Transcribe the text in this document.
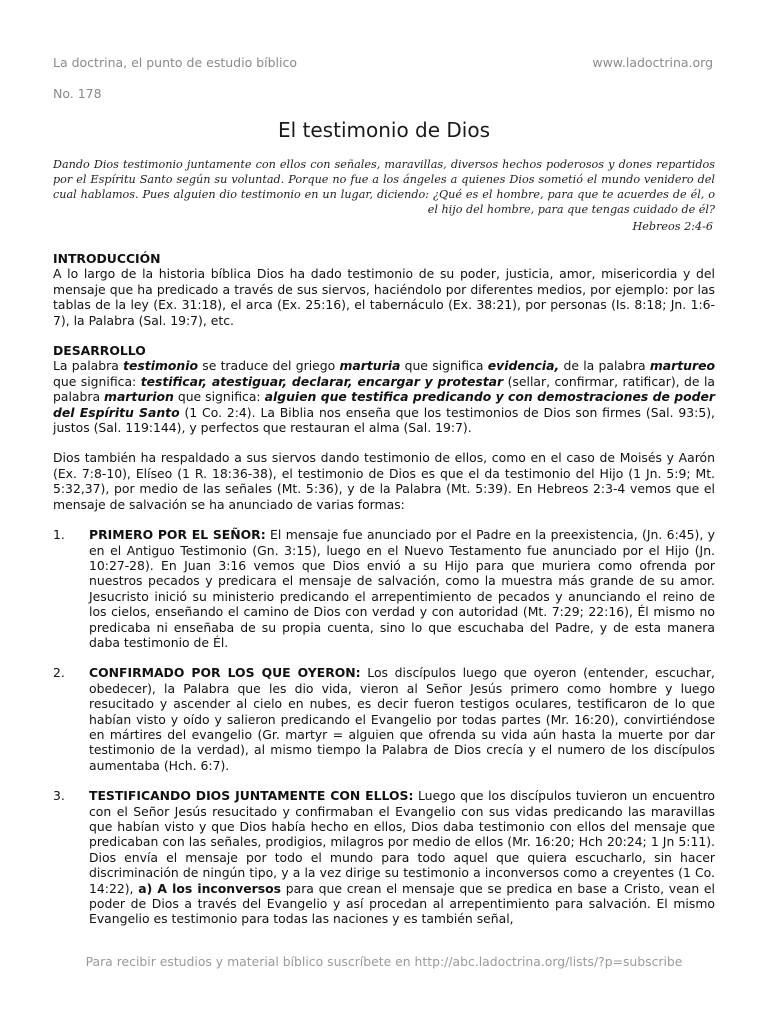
La doctrina, el punto de estudio bíblico	www.ladoctrina.org
No. 178
El testimonio de Dios
Dando Dios testimonio juntamente con ellos con señales, maravillas, diversos hechos poderosos y dones repartidos por el Espíritu Santo según su voluntad. Porque no fue a los ángeles a quienes Dios sometió el mundo venidero del cual hablamos. Pues alguien dio testimonio en un lugar, diciendo: ¿Qué es el hombre, para que te acuerdes de él, o el hijo del hombre, para que tengas cuidado de él?
Hebreos 2:4-6
INTRODUCCIÓN

A lo largo de la historia bíblica Dios ha dado testimonio de su poder, justicia, amor, misericordia y del mensaje que ha predicado a través de sus siervos, haciéndolo por diferentes medios, por ejemplo: por las tablas de la ley (Ex. 31:18), el arca (Ex. 25:16), el tabernáculo (Ex. 38:21), por personas (Is. 8:18; Jn. 1:6-7), la Palabra (Sal. 19:7), etc.

DESARROLLO

La palabra testimonio se traduce del griego marturia que significa evidencia, de la palabra martureo que significa: testificar, atestiguar, declarar, encargar y protestar (sellar, confirmar, ratificar), de la palabra marturion que significa: alguien que testifica predicando y con demostraciones de poder del Espíritu Santo (1 Co. 2:4). La Biblia nos enseña que los testimonios de Dios son firmes (Sal. 93:5), justos (Sal. 119:144), y perfectos que restauran el alma (Sal. 19:7).

Dios también ha respaldado a sus siervos dando testimonio de ellos, como en el caso de Moisés y Aarón (Ex. 7:8-10), Elíseo (1 R. 18:36-38), el testimonio de Dios es que el da testimonio del Hijo (1 Jn. 5:9; Mt. 5:32,37), por medio de las señales (Mt. 5:36), y de la Palabra (Mt. 5:39). En Hebreos 2:3-4 vemos que el mensaje de salvación se ha anunciado de varias formas:

1. PRIMERO POR EL SEÑOR: El mensaje fue anunciado por el Padre en la preexistencia, (Jn. 6:45), y en el Antiguo Testimonio (Gn. 3:15), luego en el Nuevo Testamento fue anunciado por el Hijo (Jn. 10:27-28). En Juan 3:16 vemos que Dios envió a su Hijo para que muriera como ofrenda por nuestros pecados y predicara el mensaje de salvación, como la muestra más grande de su amor. Jesucristo inició su ministerio predicando el arrepentimiento de pecados y anunciando el reino de los cielos, enseñando el camino de Dios con verdad y con autoridad (Mt. 7:29; 22:16), Él mismo no predicaba ni enseñaba de su propia cuenta, sino lo que escuchaba del Padre, y de esta manera daba testimonio de Él.

2. CONFIRMADO POR LOS QUE OYERON: Los discípulos luego que oyeron (entender, escuchar, obedecer), la Palabra que les dio vida, vieron al Señor Jesús primero como hombre y luego resucitado y ascender al cielo en nubes, es decir fueron testigos oculares, testificaron de lo que habían visto y oído y salieron predicando el Evangelio por todas partes (Mr. 16:20), convirtiéndose en mártires del evangelio (Gr. martyr = alguien que ofrenda su vida aún hasta la muerte por dar testimonio de la verdad), al mismo tiempo la Palabra de Dios crecía y el numero de los discípulos aumentaba (Hch. 6:7).

3. TESTIFICANDO DIOS JUNTAMENTE CON ELLOS: Luego que los discípulos tuvieron un encuentro con el Señor Jesús resucitado y confirmaban el Evangelio con sus vidas predicando las maravillas que habían visto y que Dios había hecho en ellos, Dios daba testimonio con ellos del mensaje que predicaban con las señales, prodigios, milagros por medio de ellos (Mr. 16:20; Hch 20:24; 1 Jn 5:11). Dios envía el mensaje por todo el mundo para todo aquel que quiera escucharlo, sin hacer discriminación de ningún tipo, y a la vez dirige su testimonio a inconversos como a creyentes (1 Co. 14:22), a) A los inconversos para que crean el mensaje que se predica en base a Cristo, vean el poder de Dios a través del Evangelio y así procedan al arrepentimiento para salvación. El mismo Evangelio es testimonio para todas las naciones y es también señal,

Para recibir estudios y material bíblico suscríbete en http://abc.ladoctrina.org/lists/?p=subscribe
